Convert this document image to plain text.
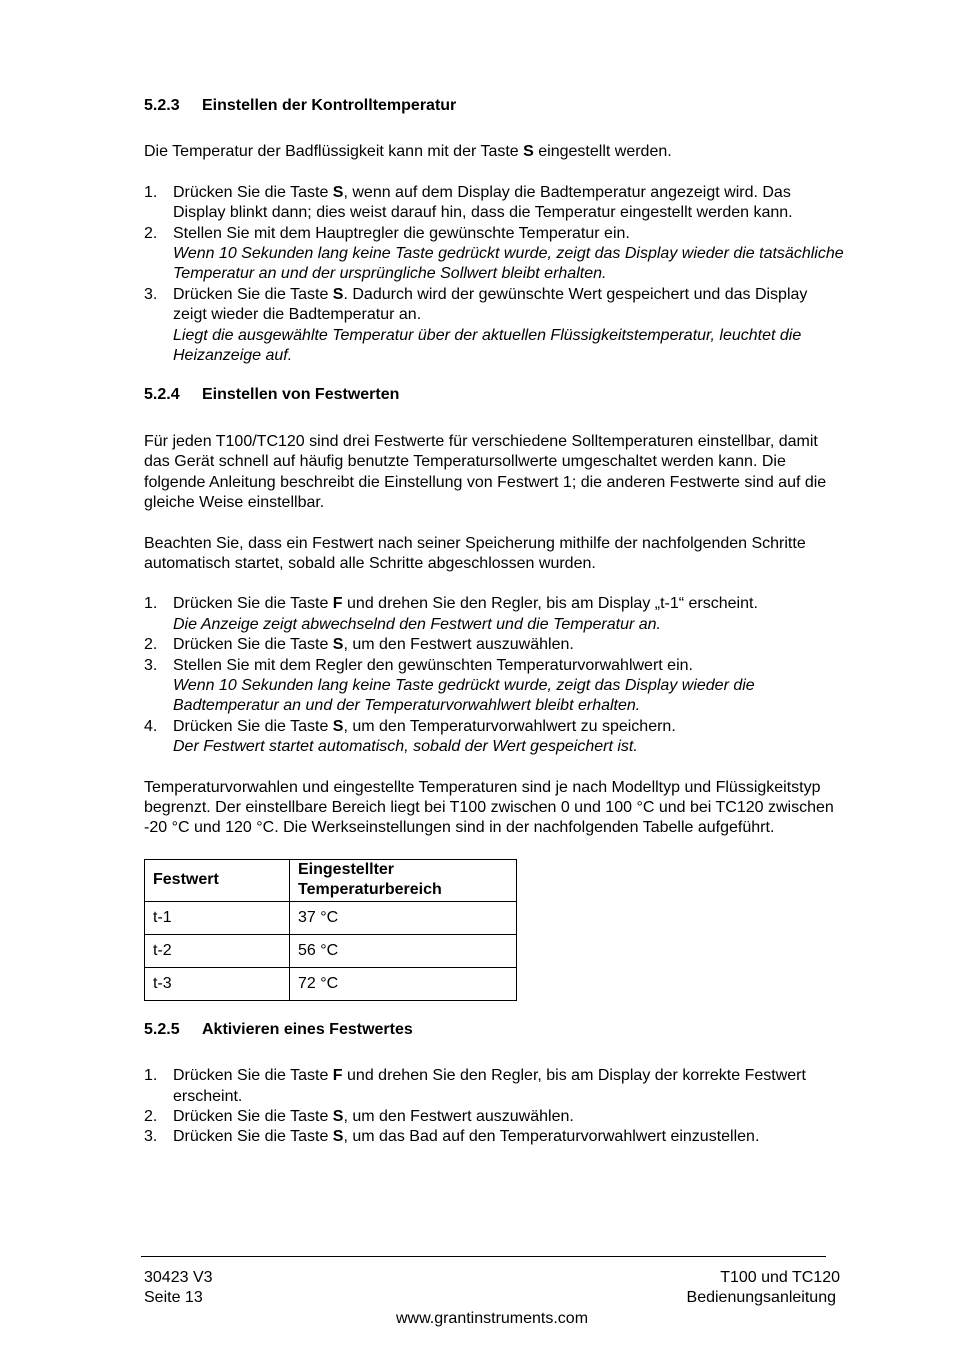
5.2.3 Einstellen der Kontrolltemperatur

Die Temperatur der Badflüssigkeit kann mit der Taste S eingestellt werden.

1. Drücken Sie die Taste S, wenn auf dem Display die Badtemperatur angezeigt wird. Das Display blinkt dann; dies weist darauf hin, dass die Temperatur eingestellt werden kann.
2. Stellen Sie mit dem Hauptregler die gewünschte Temperatur ein.
Wenn 10 Sekunden lang keine Taste gedrückt wurde, zeigt das Display wieder die tatsächliche Temperatur an und der ursprüngliche Sollwert bleibt erhalten.
3. Drücken Sie die Taste S. Dadurch wird der gewünschte Wert gespeichert und das Display zeigt wieder die Badtemperatur an.
Liegt die ausgewählte Temperatur über der aktuellen Flüssigkeitstemperatur, leuchtet die Heizanzeige auf.
5.2.4 Einstellen von Festwerten

Für jeden T100/TC120 sind drei Festwerte für verschiedene Solltemperaturen einstellbar, damit das Gerät schnell auf häufig benutzte Temperatursollwerte umgeschaltet werden kann. Die folgende Anleitung beschreibt die Einstellung von Festwert 1; die anderen Festwerte sind auf die gleiche Weise einstellbar.

Beachten Sie, dass ein Festwert nach seiner Speicherung mithilfe der nachfolgenden Schritte automatisch startet, sobald alle Schritte abgeschlossen wurden.

1. Drücken Sie die Taste F und drehen Sie den Regler, bis am Display „t-1“ erscheint.
Die Anzeige zeigt abwechselnd den Festwert und die Temperatur an.
2. Drücken Sie die Taste S, um den Festwert auszuwählen.
3. Stellen Sie mit dem Regler den gewünschten Temperaturvorwahlwert ein.
Wenn 10 Sekunden lang keine Taste gedrückt wurde, zeigt das Display wieder die Badtemperatur an und der Temperaturvorwahlwert bleibt erhalten.
4. Drücken Sie die Taste S, um den Temperaturvorwahlwert zu speichern.
Der Festwert startet automatisch, sobald der Wert gespeichert ist.

Temperaturvorwahlen und eingestellte Temperaturen sind je nach Modelltyp und Flüssigkeitstyp begrenzt. Der einstellbare Bereich liegt bei T100 zwischen 0 und 100 °C und bei TC120 zwischen -20 °C und 120 °C. Die Werkseinstellungen sind in der nachfolgenden Tabelle aufgeführt.

Festwert	Eingestellter Temperaturbereich
t-1	37 °C
t-2	56 °C
t-3	72 °C
5.2.5 Aktivieren eines Festwertes
1. Drücken Sie die Taste F und drehen Sie den Regler, bis am Display der korrekte Festwert erscheint.
2. Drücken Sie die Taste S, um den Festwert auszuwählen.
3. Drücken Sie die Taste S, um das Bad auf den Temperaturvorwahlwert einzustellen.
30423 V3
Seite 13
T100 und TC120
Bedienungsanleitung
www.grantinstruments.com
